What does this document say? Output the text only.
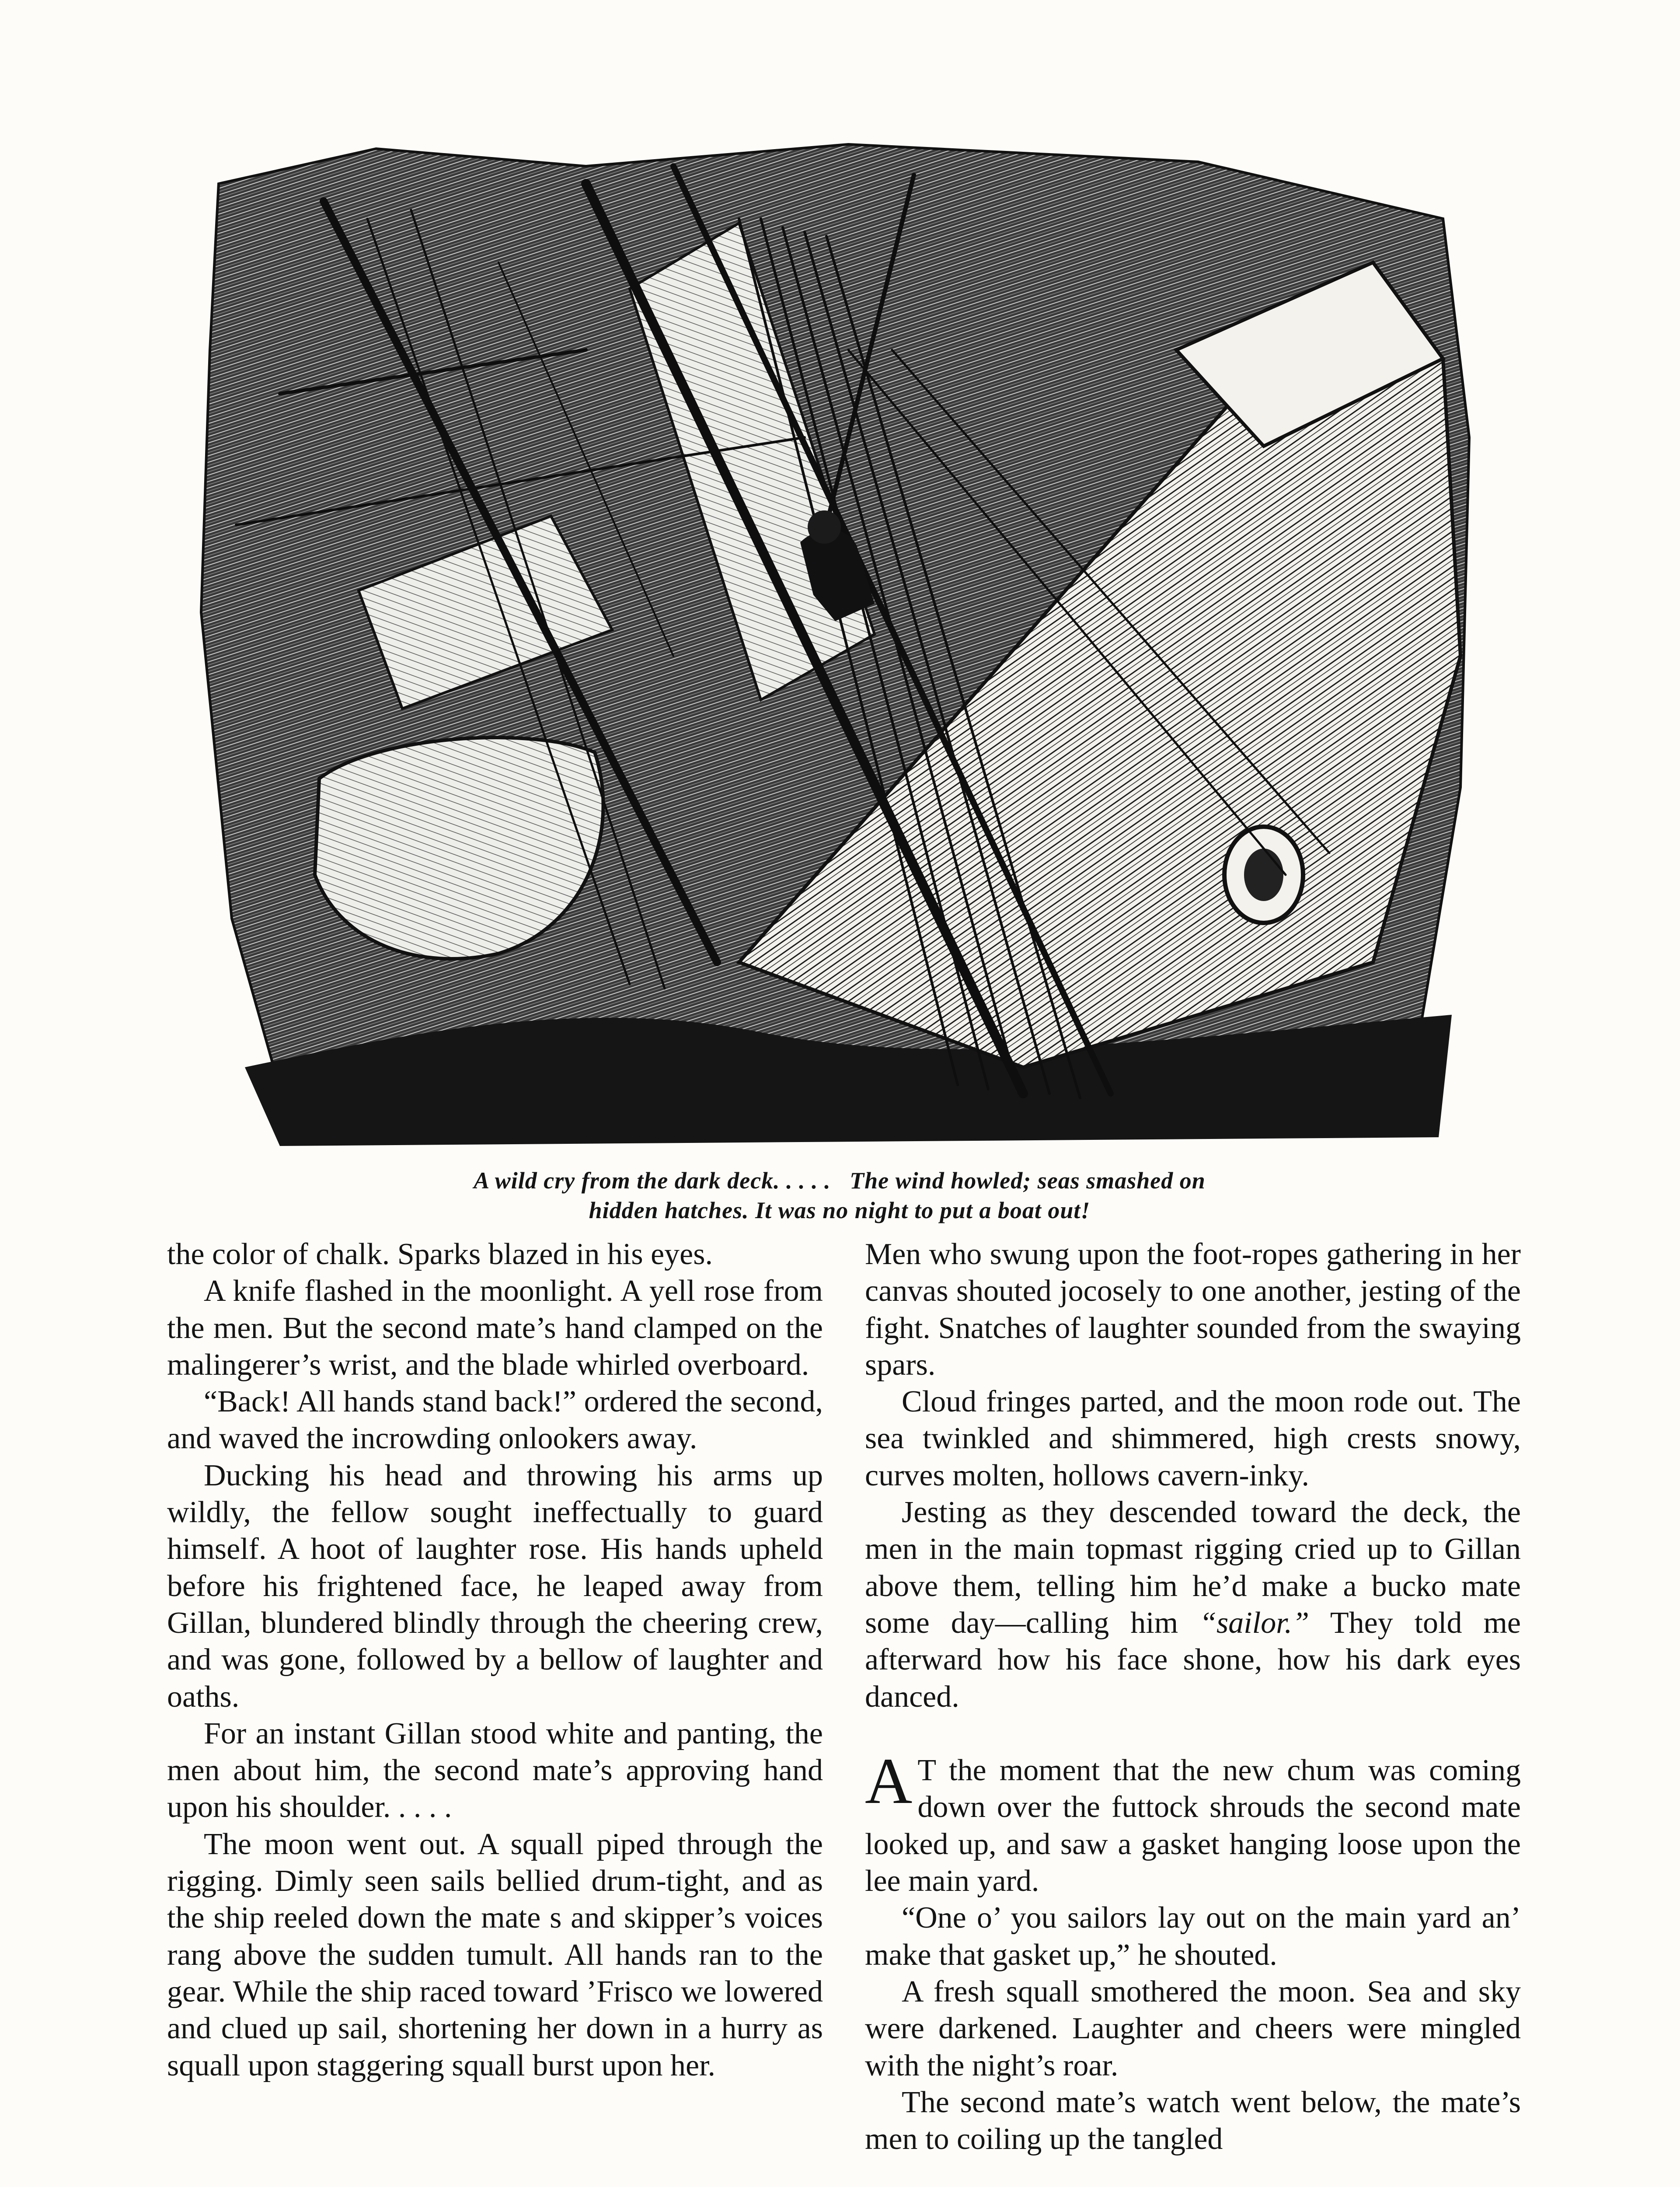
A wild cry from the dark deck. . . . .   The wind howled; seas smashed on
hidden hatches. It was no night to put a boat out!

the color of chalk. Sparks blazed in his eyes.

A knife flashed in the moonlight. A yell rose from the men. But the second mate’s hand clamped on the malingerer’s wrist, and the blade whirled overboard.

“Back! All hands stand back!” ordered the second, and waved the incrowding onlookers away.

Ducking his head and throwing his arms up wildly, the fellow sought ineffectually to guard himself. A hoot of laughter rose. His hands upheld before his frightened face, he leaped away from Gillan, blundered blindly through the cheering crew, and was gone, followed by a bellow of laughter and oaths.

For an instant Gillan stood white and panting, the men about him, the second mate’s approving hand upon his shoulder. . . . .

The moon went out. A squall piped through the rigging. Dimly seen sails bellied drum-tight, and as the ship reeled down the mate s and skipper’s voices rang above the sudden tumult. All hands ran to the gear. While the ship raced toward ’Frisco we lowered and clued up sail, shortening her down in a hurry as squall upon staggering squall burst upon her.

Men who swung upon the foot-ropes gathering in her canvas shouted jocosely to one another, jesting of the fight. Snatches of laughter sounded from the swaying spars.

Cloud fringes parted, and the moon rode out. The sea twinkled and shimmered, high crests snowy, curves molten, hollows cavern-inky.

Jesting as they descended toward the deck, the men in the main topmast rigging cried up to Gillan above them, telling him he’d make a bucko mate some day—calling him “sailor.” They told me afterward how his face shone, how his dark eyes danced.

A T the moment that the new chum was coming down over the futtock shrouds the second mate looked up, and saw a gasket hanging loose upon the lee main yard.

“One o’ you sailors lay out on the main yard an’ make that gasket up,” he shouted.

A fresh squall smothered the moon. Sea and sky were darkened. Laughter and cheers were mingled with the night’s roar.

The second mate’s watch went below, the mate’s men to coiling up the tangled
